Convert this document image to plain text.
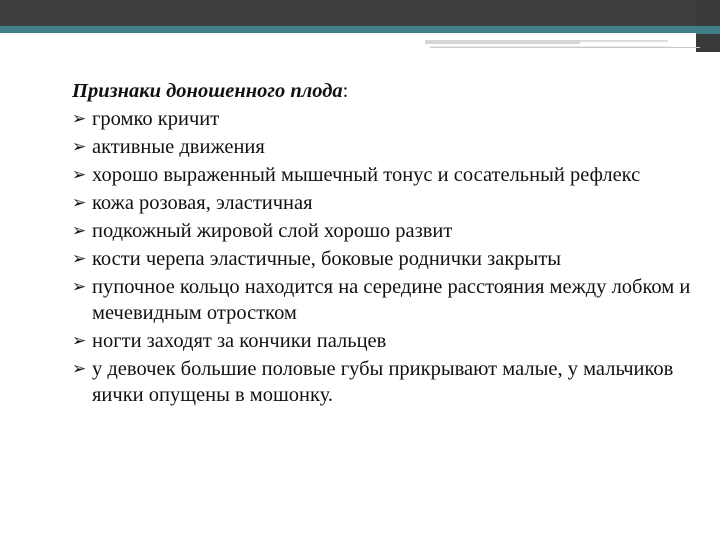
Признаки доношенного плода:

➢ громко кричит
➢ активные движения
➢ хорошо выраженный мышечный тонус и сосательный рефлекс
➢ кожа розовая, эластичная
➢ подкожный жировой слой хорошо развит
➢ кости черепа эластичные, боковые роднички закрыты
➢ пупочное кольцо находится на середине расстояния между лобком и мечевидным отростком
➢ ногти заходят за кончики пальцев
➢ у девочек большие половые губы прикрывают малые, у мальчиков яички опущены в мошонку.
